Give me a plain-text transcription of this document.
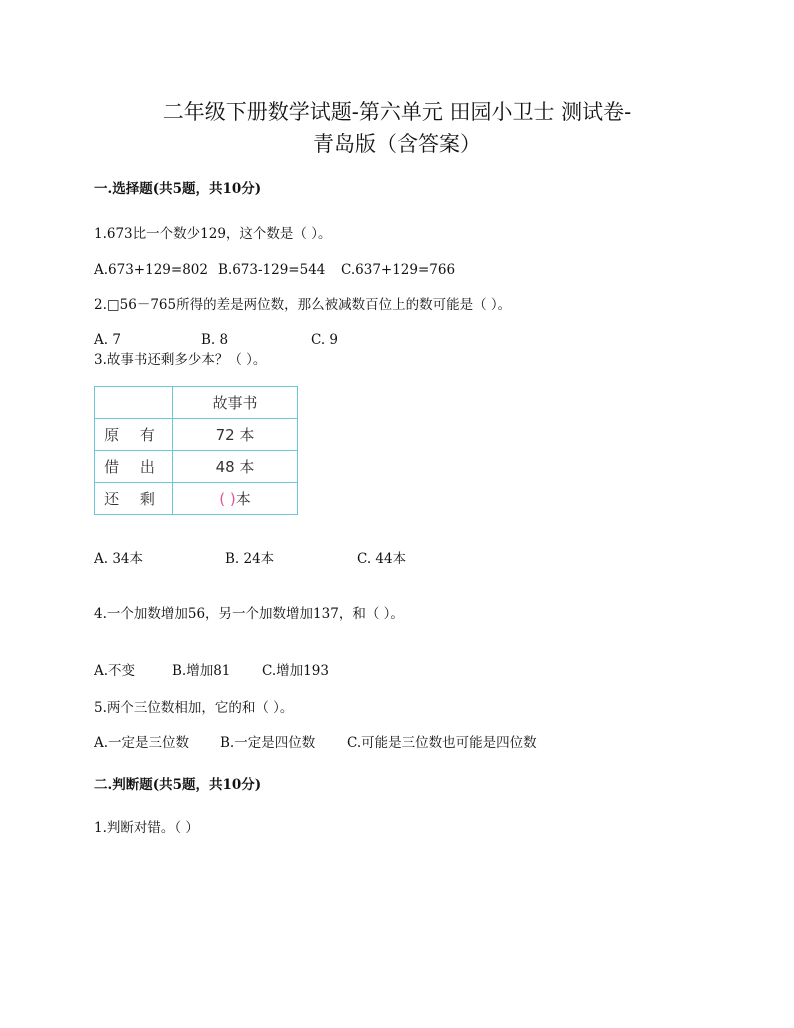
二年级下册数学试题-第六单元 田园小卫士 测试卷-
青岛版（含答案）
一.选择题(共5题，共10分)
1.673比一个数少129，这个数是（ ）。
A.673+129=802 B.673-129=544 C.637+129=766
2.□56－765所得的差是两位数，那么被减数百位上的数可能是（ ）。
A. 7	B. 8	C. 9
3.故事书还剩多少本？（ ）。
	故事书
原 有	72 本
借 出	48 本
还 剩	( )本
A. 34本	B. 24本	C. 44本
4.一个加数增加56，另一个加数增加137，和（ ）。
A.不变	B.增加81 C.增加193
5.两个三位数相加，它的和（ ）。
A.一定是三位数 B.一定是四位数 C.可能是三位数也可能是四位数
二.判断题(共5题，共10分)
1.判断对错。（ ）
